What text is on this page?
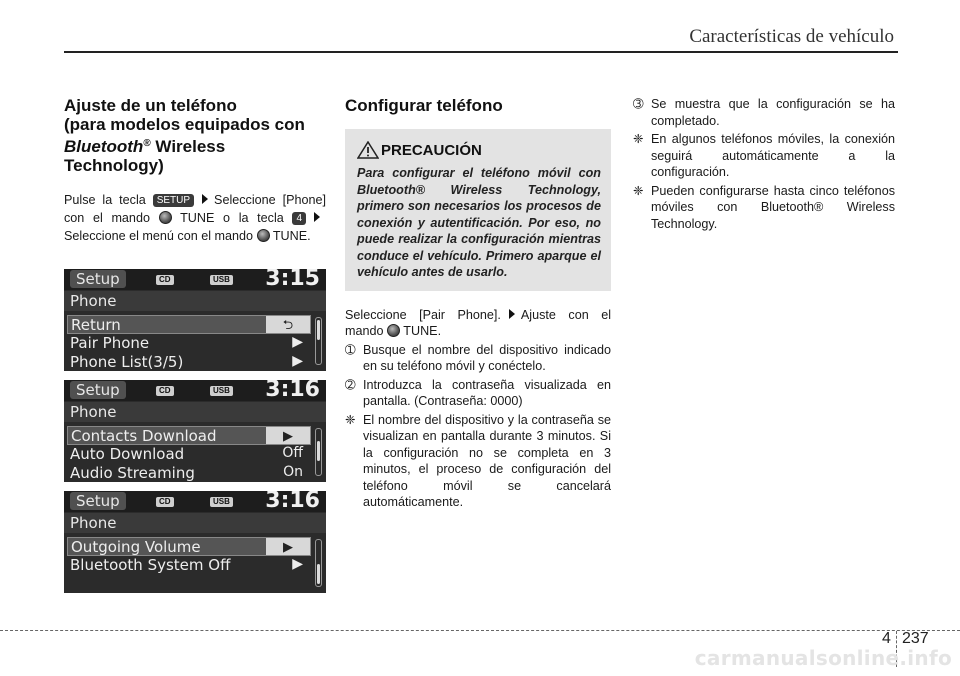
Características de vehículo
Ajuste de un teléfono
(para modelos equipados con
Bluetooth® Wireless
Technology)

Pulse la tecla SETUP Seleccione [Phone] con el mando TUNE o la tecla 4Seleccione el menú con el mando TUNE.

Setup	CD	USB 3:15
Phone
Return	⮌
Pair Phone	▶
Phone List(3/5)	▶
Setup	CD	USB 3:16
Phone
Contacts Download	▶
Auto Download	Off
Audio Streaming	On
Setup	CD	USB 3:16
Phone
Outgoing Volume	▶
Bluetooth System Off	▶
Configurar teléfono
PRECAUCIÓN

Para configurar el teléfono móvil con Bluetooth® Wireless Technology, primero son necesarios los procesos de conexión y autentificación. Por eso, no puede realizar la configuración mientras conduce el vehículo. Primero aparque el vehículo antes de usarlo.

Seleccione [Pair Phone]. Ajuste con el mando TUNE.

➀ Busque el nombre del dispositivo indicado en su teléfono móvil y conéctelo.
➁ Introduzca la contraseña visualizada en pantalla. (Contraseña: 0000)
❈ El nombre del dispositivo y la contraseña se visualizan en pantalla durante 3 minutos. Si la configuración no se completa en 3 minutos, el proceso de configuración del teléfono móvil se cancelará automáticamente.
➂ Se muestra que la configuración se ha completado.
❈ En algunos teléfonos móviles, la conexión seguirá automáticamente a la configuración.
❈ Pueden configurarse hasta cinco teléfonos móviles con Bluetooth® Wireless Technology.
4 237
carmanualsonline.info
